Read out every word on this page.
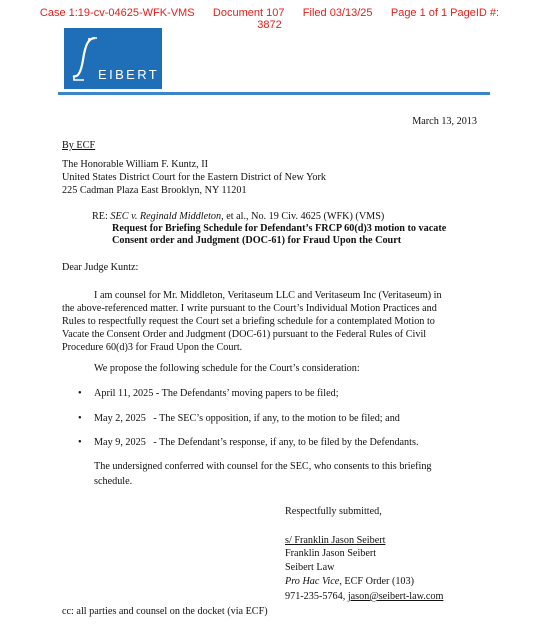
Case 1:19-cv-04625-WFK-VMS Document 107 Filed 03/13/25 Page 1 of 1 PageID #:
3872
EIBERT
March 13, 2013
By ECF
The Honorable William F. Kuntz, II
United States District Court for the Eastern District of New York
225 Cadman Plaza East Brooklyn, NY 11201
RE: SEC v. Reginald Middleton, et al., No. 19 Civ. 4625 (WFK) (VMS)
Request for Briefing Schedule for Defendant’s FRCP 60(d)3 motion to vacate
Consent order and Judgment (DOC-61) for Fraud Upon the Court
Dear Judge Kuntz:
I am counsel for Mr. Middleton, Veritaseum LLC and Veritaseum Inc (Veritaseum) in
the above-referenced matter. I write pursuant to the Court’s Individual Motion Practices and
Rules to respectfully request the Court set a briefing schedule for a contemplated Motion to
Vacate the Consent Order and Judgment (DOC-61) pursuant to the Federal Rules of Civil
Procedure 60(d)3 for Fraud Upon the Court.
We propose the following schedule for the Court’s consideration:
• April 11, 2025 - The Defendants’ moving papers to be filed;
• May 2, 2025   - The SEC’s opposition, if any, to the motion to be filed; and
• May 9, 2025   - The Defendant’s response, if any, to be filed by the Defendants.
The undersigned conferred with counsel for the SEC, who consents to this briefing
schedule.
Respectfully submitted,
s/ Franklin Jason Seibert
Franklin Jason Seibert
Seibert Law
Pro Hac Vice, ECF Order (103)
971-235-5764, jason@seibert-law.com
cc: all parties and counsel on the docket (via ECF)
